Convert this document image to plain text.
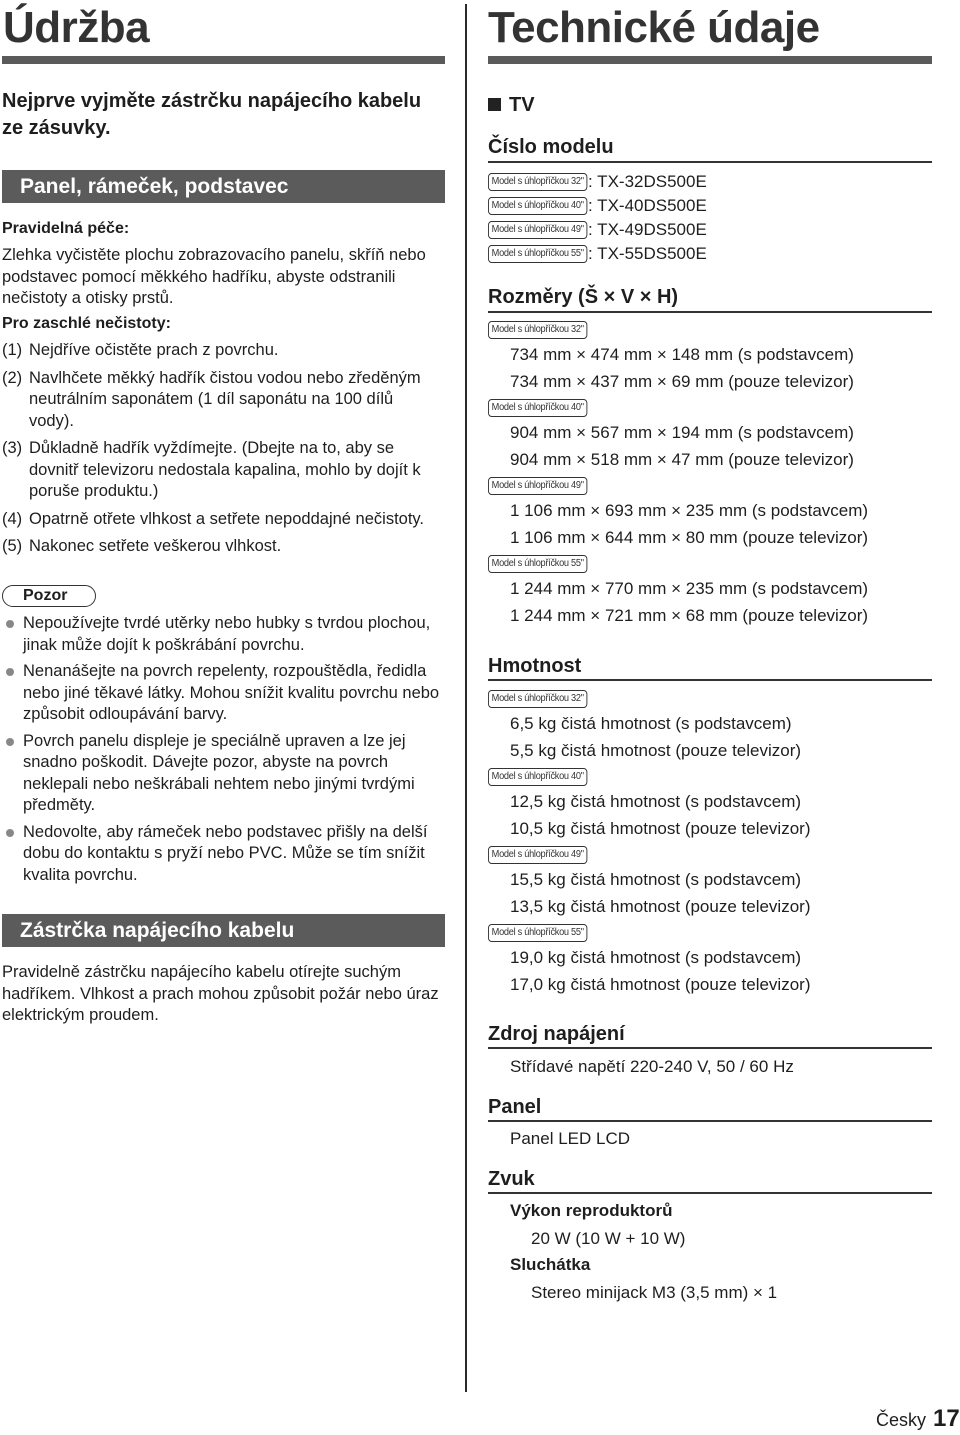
Údržba
Nejprve vyjměte zástrčku napájecího kabelu ze zásuvky.
Panel, rámeček, podstavec
Pravidelná péče:
Zlehka vyčistěte plochu zobrazovacího panelu, skříň nebo podstavec pomocí měkkého hadříku, abyste odstranili nečistoty a otisky prstů.
Pro zaschlé nečistoty:
(1) Nejdříve očistěte prach z povrchu.
(2) Navlhčete měkký hadřík čistou vodou nebo zředěným neutrálním saponátem (1 díl saponátu na 100 dílů vody).
(3) Důkladně hadřík vyždímejte. (Dbejte na to, aby se dovnitř televizoru nedostala kapalina, mohlo by dojít k poruše produktu.)
(4) Opatrně otřete vlhkost a setřete nepoddajné nečistoty.
(5) Nakonec setřete veškerou vlhkost.
Pozor
Nepoužívejte tvrdé utěrky nebo hubky s tvrdou plochou, jinak může dojít k poškrábání povrchu.
Nenanášejte na povrch repelenty, rozpouštědla, ředidla nebo jiné těkavé látky. Mohou snížit kvalitu povrchu nebo způsobit odloupávání barvy.
Povrch panelu displeje je speciálně upraven a lze jej snadno poškodit. Dávejte pozor, abyste na povrch neklepali nebo neškrábali nehtem nebo jinými tvrdými předměty.
Nedovolte, aby rámeček nebo podstavec přišly na delší dobu do kontaktu s pryží nebo PVC. Může se tím snížit kvalita povrchu.
Zástrčka napájecího kabelu
Pravidelně zástrčku napájecího kabelu otírejte suchým hadříkem. Vlhkost a prach mohou způsobit požár nebo úraz elektrickým proudem.
Technické údaje
TV
Číslo modelu
Model s úhlopříčkou 32" : TX-32DS500E
Model s úhlopříčkou 40" : TX-40DS500E
Model s úhlopříčkou 49" : TX-49DS500E
Model s úhlopříčkou 55" : TX-55DS500E
Rozměry (Š × V × H)
Model s úhlopříčkou 32"
734 mm × 474 mm × 148 mm (s podstavcem)
734 mm × 437 mm × 69 mm (pouze televizor)
Model s úhlopříčkou 40"
904 mm × 567 mm × 194 mm (s podstavcem)
904 mm × 518 mm × 47 mm (pouze televizor)
Model s úhlopříčkou 49"
1 106 mm × 693 mm × 235 mm (s podstavcem)
1 106 mm × 644 mm × 80 mm (pouze televizor)
Model s úhlopříčkou 55"
1 244 mm × 770 mm × 235 mm (s podstavcem)
1 244 mm × 721 mm × 68 mm (pouze televizor)
Hmotnost
Model s úhlopříčkou 32"
6,5 kg čistá hmotnost (s podstavcem)
5,5 kg čistá hmotnost (pouze televizor)
Model s úhlopříčkou 40"
12,5 kg čistá hmotnost (s podstavcem)
10,5 kg čistá hmotnost (pouze televizor)
Model s úhlopříčkou 49"
15,5 kg čistá hmotnost (s podstavcem)
13,5 kg čistá hmotnost (pouze televizor)
Model s úhlopříčkou 55"
19,0 kg čistá hmotnost (s podstavcem)
17,0 kg čistá hmotnost (pouze televizor)
Zdroj napájení
Střídavé napětí 220-240 V, 50 / 60 Hz
Panel
Panel LED LCD
Zvuk
Výkon reproduktorů
20 W (10 W + 10 W)
Sluchátka
Stereo minijack M3 (3,5 mm) × 1
Česky 17
